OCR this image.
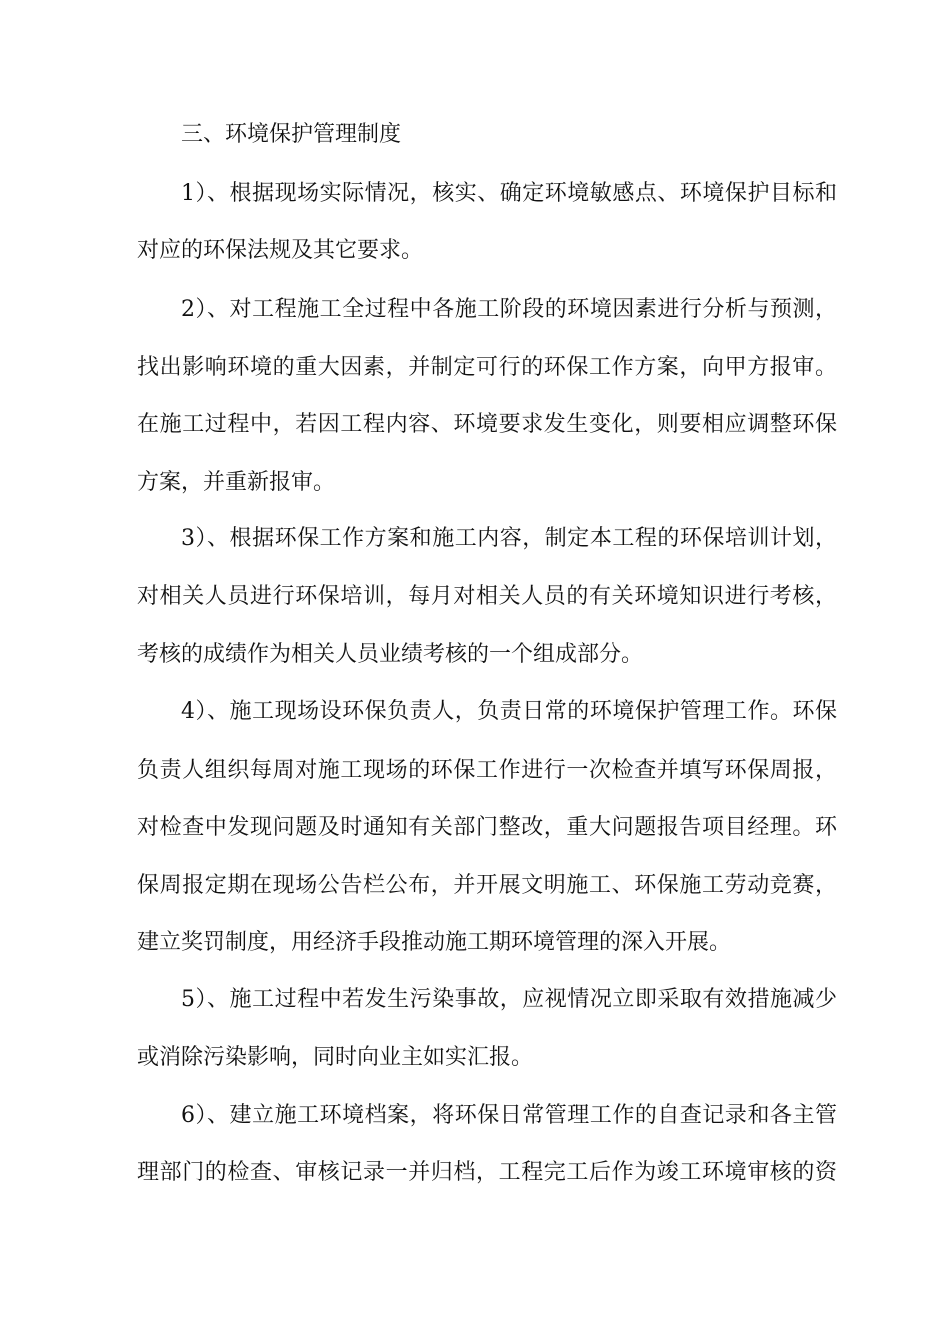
三、环境保护管理制度
1）、根据现场实际情况，核实、确定环境敏感点、环境保护目标和
对应的环保法规及其它要求。
2）、对工程施工全过程中各施工阶段的环境因素进行分析与预测，
找出影响环境的重大因素，并制定可行的环保工作方案，向甲方报审。
在施工过程中，若因工程内容、环境要求发生变化，则要相应调整环保
方案，并重新报审。
3）、根据环保工作方案和施工内容，制定本工程的环保培训计划，
对相关人员进行环保培训，每月对相关人员的有关环境知识进行考核，
考核的成绩作为相关人员业绩考核的一个组成部分。
4）、施工现场设环保负责人，负责日常的环境保护管理工作。环保
负责人组织每周对施工现场的环保工作进行一次检查并填写环保周报，
对检查中发现问题及时通知有关部门整改，重大问题报告项目经理。环
保周报定期在现场公告栏公布，并开展文明施工、环保施工劳动竞赛，
建立奖罚制度，用经济手段推动施工期环境管理的深入开展。
5）、施工过程中若发生污染事故，应视情况立即采取有效措施减少
或消除污染影响，同时向业主如实汇报。
6）、建立施工环境档案，将环保日常管理工作的自查记录和各主管
理部门的检查、审核记录一并归档，工程完工后作为竣工环境审核的资
